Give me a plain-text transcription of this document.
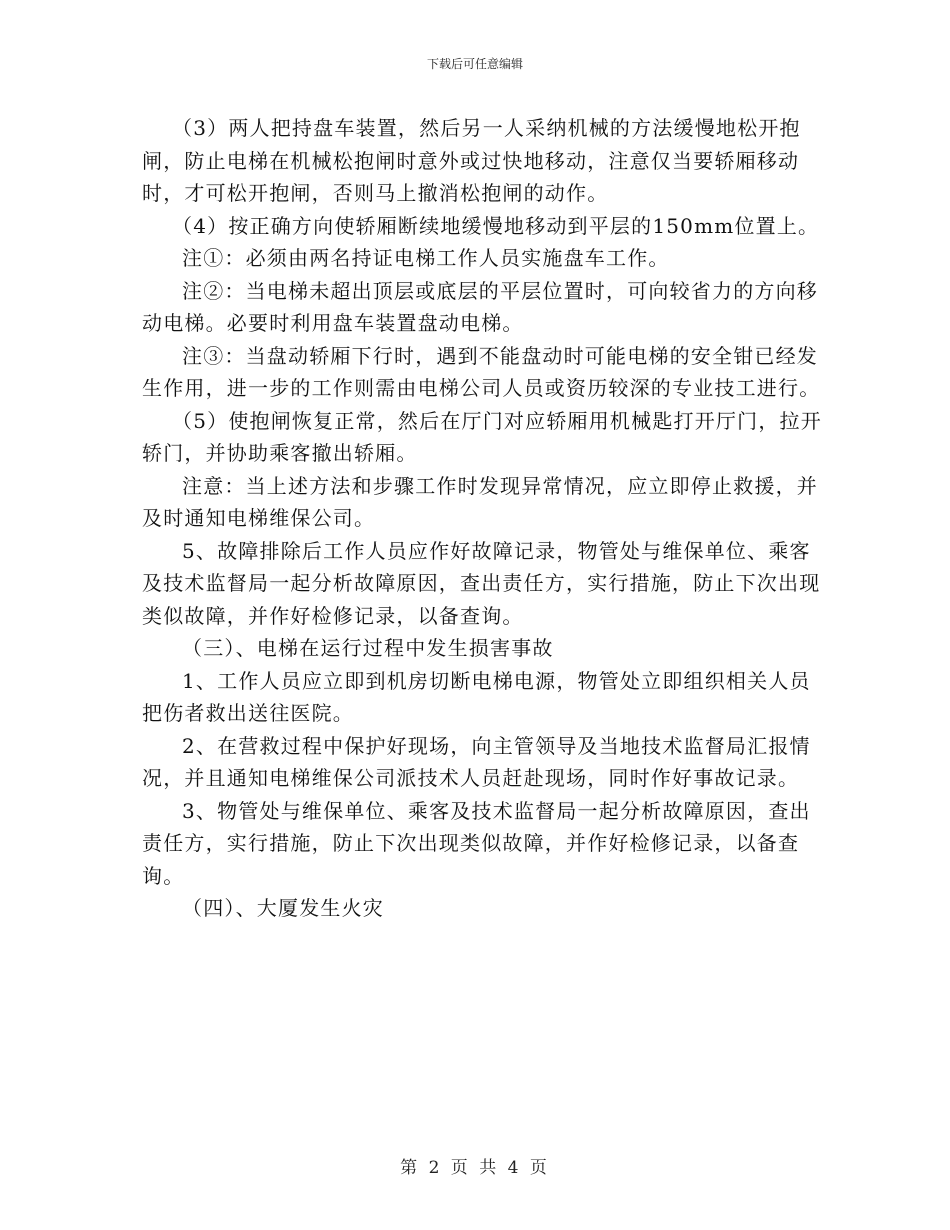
下载后可任意编辑

（3）两人把持盘车装置，然后另一人采纳机械的方法缓慢地松开抱闸，防止电梯在机械松抱闸时意外或过快地移动，注意仅当要轿厢移动时，才可松开抱闸，否则马上撤消松抱闸的动作。

（4）按正确方向使轿厢断续地缓慢地移动到平层的150mm位置上。

注①：必须由两名持证电梯工作人员实施盘车工作。

注②：当电梯未超出顶层或底层的平层位置时，可向较省力的方向移动电梯。必要时利用盘车装置盘动电梯。

注③：当盘动轿厢下行时，遇到不能盘动时可能电梯的安全钳已经发生作用，进一步的工作则需由电梯公司人员或资历较深的专业技工进行。

（5）使抱闸恢复正常，然后在厅门对应轿厢用机械匙打开厅门，拉开轿门，并协助乘客撤出轿厢。

注意：当上述方法和步骤工作时发现异常情况，应立即停止救援，并及时通知电梯维保公司。

5、故障排除后工作人员应作好故障记录，物管处与维保单位、乘客及技术监督局一起分析故障原因，查出责任方，实行措施，防止下次出现类似故障，并作好检修记录，以备查询。

（三）、电梯在运行过程中发生损害事故

1、工作人员应立即到机房切断电梯电源，物管处立即组织相关人员把伤者救出送往医院。

2、在营救过程中保护好现场，向主管领导及当地技术监督局汇报情况，并且通知电梯维保公司派技术人员赶赴现场，同时作好事故记录。

3、物管处与维保单位、乘客及技术监督局一起分析故障原因，查出责任方，实行措施，防止下次出现类似故障，并作好检修记录，以备查询。

（四）、大厦发生火灾

第 2 页 共 4 页
